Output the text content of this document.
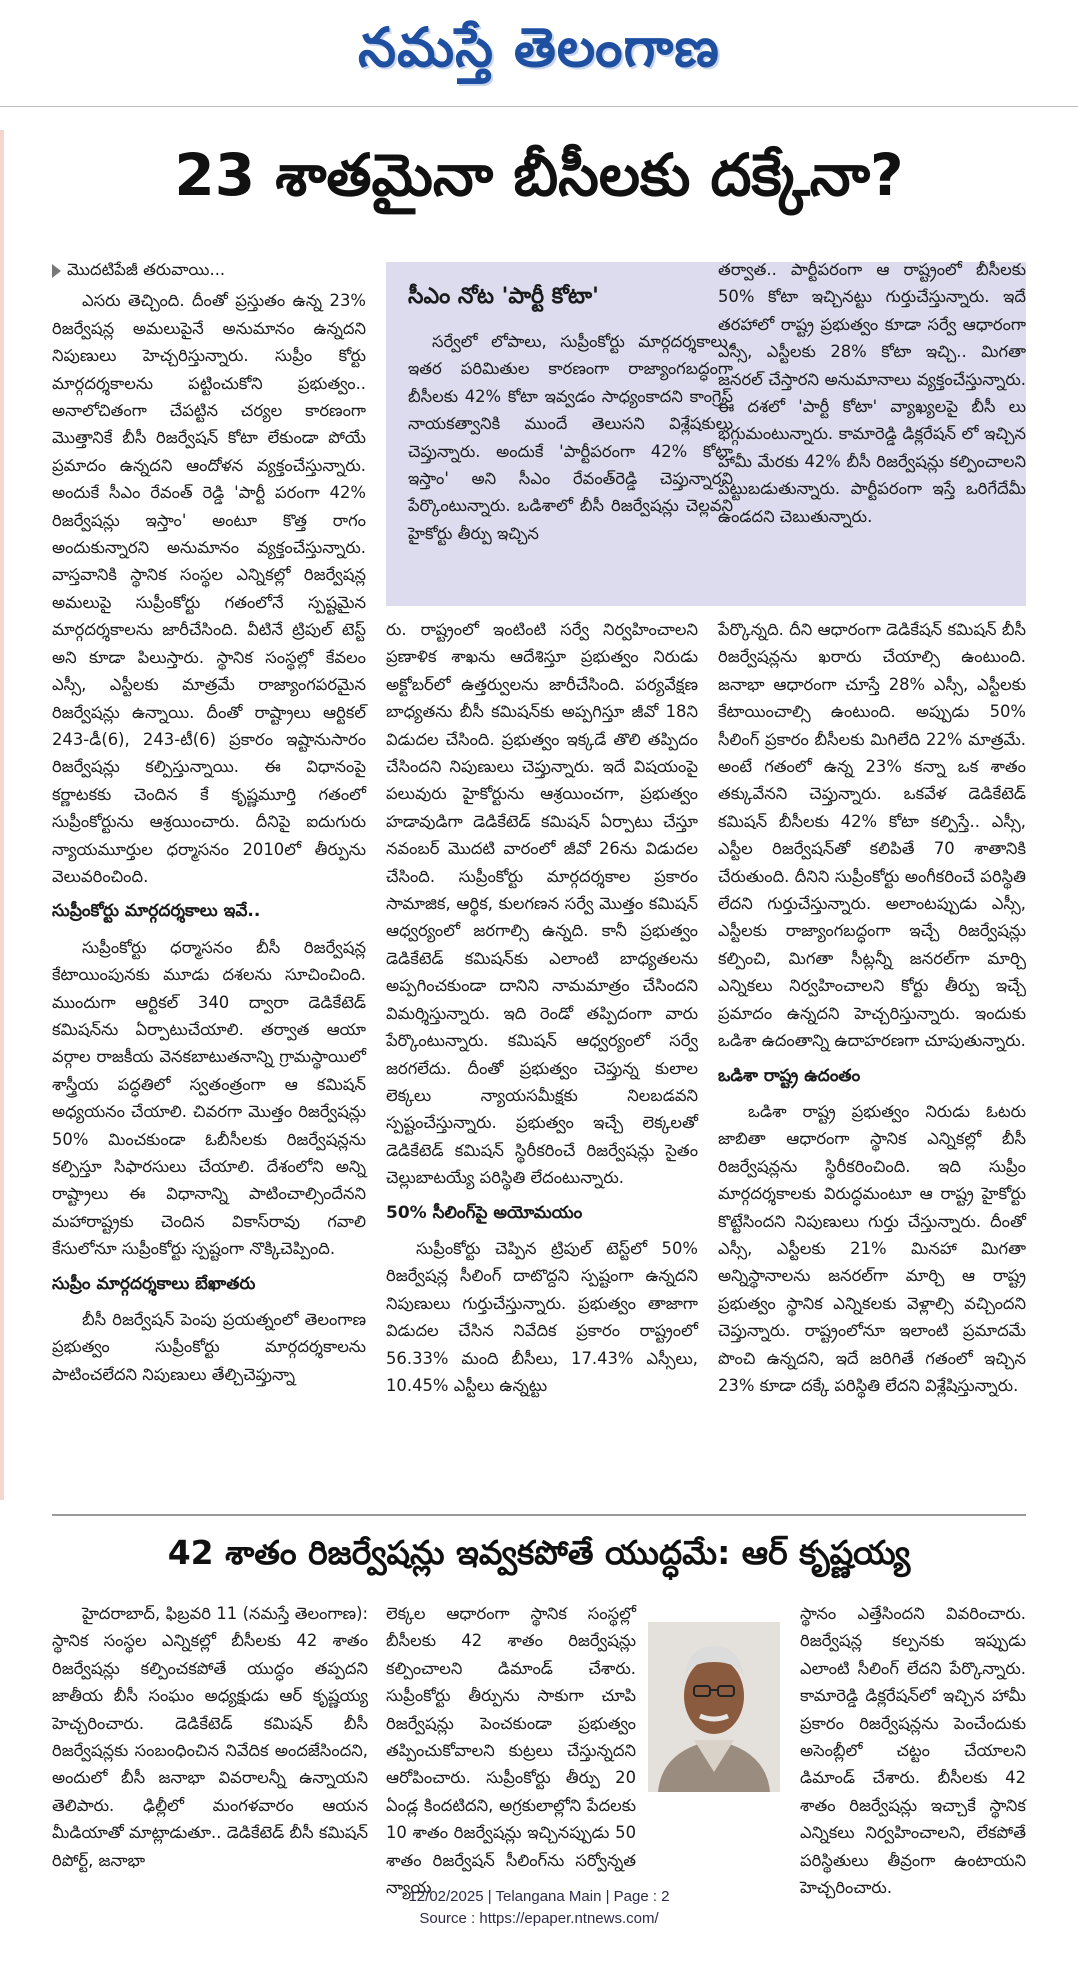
నమస్తే తెలంగాణ
23 శాతమైనా బీసీలకు దక్కేనా?
మొదటిపేజీ తరువాయి...

ఎసరు తెచ్చింది. దీంతో ప్రస్తుతం ఉన్న 23% రిజర్వేషన్ల అమలుపైనే అనుమానం ఉన్నదని నిపుణులు హెచ్చరిస్తున్నారు. సుప్రీం కోర్టు మార్గదర్శకాలను పట్టించుకోని ప్రభుత్వం.. అనాలోచితంగా చేపట్టిన చర్యల కారణంగా మొత్తానికే బీసీ రిజర్వేషన్ కోటా లేకుండా పోయే ప్రమాదం ఉన్నదని ఆందోళన వ్యక్తంచేస్తున్నారు. అందుకే సీఎం రేవంత్ రెడ్డి 'పార్టీ పరంగా 42% రిజర్వేషన్లు ఇస్తాం' అంటూ కొత్త రాగం అందుకున్నారని అనుమానం వ్యక్తంచేస్తున్నారు. వాస్తవానికి స్థానిక సంస్థల ఎన్నికల్లో రిజర్వేషన్ల అమలుపై సుప్రీంకోర్టు గతంలోనే స్పష్టమైన మార్గదర్శకాలను జారీచేసింది. వీటినే ట్రిపుల్ టెస్ట్ అని కూడా పిలుస్తారు. స్థానిక సంస్థల్లో కేవలం ఎస్సీ, ఎస్టీలకు మాత్రమే రాజ్యాంగపరమైన రిజర్వేషన్లు ఉన్నాయి. దీంతో రాష్ట్రాలు ఆర్టికల్ 243-డీ(6), 243-టీ(6) ప్రకారం ఇష్టానుసారం రిజర్వేషన్లు కల్పిస్తున్నాయి. ఈ విధానంపై కర్ణాటకకు చెందిన కే కృష్ణమూర్తి గతంలో సుప్రీంకోర్టును ఆశ్రయించారు. దీనిపై ఐదుగురు న్యాయమూర్తుల ధర్మాసనం 2010లో తీర్పును వెలువరించింది.

సుప్రీంకోర్టు మార్గదర్శకాలు ఇవే..

సుప్రీంకోర్టు ధర్మాసనం బీసీ రిజర్వేషన్ల కేటాయింపునకు మూడు దశలను సూచించింది. ముందుగా ఆర్టికల్ 340 ద్వారా డెడికేటెడ్ కమిషన్‌ను ఏర్పాటుచేయాలి. తర్వాత ఆయా వర్గాల రాజకీయ వెనకబాటుతనాన్ని గ్రామస్థాయిలో శాస్త్రీయ పద్ధతిలో స్వతంత్రంగా ఆ కమిషన్ అధ్యయనం చేయాలి. చివరగా మొత్తం రిజర్వేషన్లు 50% మించకుండా ఓబీసీలకు రిజర్వేషన్లను కల్పిస్తూ సిఫారసులు చేయాలి. దేశంలోని అన్ని రాష్ట్రాలు ఈ విధానాన్ని పాటించాల్సిందేనని మహారాష్ట్రకు చెందిన వికాస్‌రావు గవాలి కేసులోనూ సుప్రీంకోర్టు స్పష్టంగా నొక్కిచెప్పింది.

సుప్రీం మార్గదర్శకాలు బేఖాతరు

బీసీ రిజర్వేషన్ పెంపు ప్రయత్నంలో తెలంగాణ ప్రభుత్వం సుప్రీంకోర్టు మార్గదర్శకాలను పాటించలేదని నిపుణులు తేల్చిచెప్తున్నా

సీఎం నోట 'పార్టీ కోటా'

సర్వేలో లోపాలు, సుప్రీంకోర్టు మార్గదర్శకాలు, ఇతర పరిమితుల కారణంగా రాజ్యాంగబద్ధంగా బీసీలకు 42% కోటా ఇవ్వడం సాధ్యంకాదని కాంగ్రెస్ నాయకత్వానికి ముందే తెలుసని విశ్లేషకులు చెప్తున్నారు. అందుకే 'పార్టీపరంగా 42% కోటా ఇస్తాం' అని సీఎం రేవంత్‌రెడ్డి చెప్తున్నారని పేర్కొంటున్నారు. ఒడిశాలో బీసీ రిజర్వేషన్లు చెల్లవని హైకోర్టు తీర్పు ఇచ్చిన

తర్వాత.. పార్టీపరంగా ఆ రాష్ట్రంలో బీసీలకు 50% కోటా ఇచ్చినట్టు గుర్తుచేస్తున్నారు. ఇదే తరహాలో రాష్ట్ర ప్రభుత్వం కూడా సర్వే ఆధారంగా ఎస్సీ, ఎస్టీలకు 28% కోటా ఇచ్చి.. మిగతా జనరల్ చేస్తారని అనుమానాలు వ్యక్తంచేస్తున్నారు. ఈ దశలో 'పార్టీ కోటా' వ్యాఖ్యలపై బీసీ లు భగ్గుమంటున్నారు. కామారెడ్డి డిక్లరేషన్ లో ఇచ్చిన హామీ మేరకు 42% బీసీ రిజర్వేషన్లు కల్పించాలని పట్టుబడుతున్నారు. పార్టీపరంగా ఇస్తే ఒరిగేదేమీ ఉండదని చెబుతున్నారు.

రు. రాష్ట్రంలో ఇంటింటి సర్వే నిర్వహించాలని ప్రణాళిక శాఖను ఆదేశిస్తూ ప్రభుత్వం నిరుడు అక్టోబర్‌లో ఉత్తర్వులను జారీచేసింది. పర్యవేక్షణ బాధ్యతను బీసీ కమిషన్‌కు అప్పగిస్తూ జీవో 18ని విడుదల చేసింది. ప్రభుత్వం ఇక్కడే తొలి తప్పిదం చేసిందని నిపుణులు చెప్తున్నారు. ఇదే విషయంపై పలువురు హైకోర్టును ఆశ్రయించగా, ప్రభుత్వం హడావుడిగా డెడికేటెడ్ కమిషన్ ఏర్పాటు చేస్తూ నవంబర్ మొదటి వారంలో జీవో 26ను విడుదల చేసింది. సుప్రీంకోర్టు మార్గదర్శకాల ప్రకారం సామాజిక, ఆర్థిక, కులగణన సర్వే మొత్తం కమిషన్ ఆధ్వర్యంలో జరగాల్సి ఉన్నది. కానీ ప్రభుత్వం డెడికేటెడ్ కమిషన్‌కు ఎలాంటి బాధ్యతలను అప్పగించకుండా దానిని నామమాత్రం చేసిందని విమర్శిస్తున్నారు. ఇది రెండో తప్పిదంగా వారు పేర్కొంటున్నారు. కమిషన్ ఆధ్వర్యంలో సర్వే జరగలేదు. దీంతో ప్రభుత్వం చెప్తున్న కులాల లెక్కలు న్యాయసమీక్షకు నిలబడవని స్పష్టంచేస్తున్నారు. ప్రభుత్వం ఇచ్చే లెక్కలతో డెడికేటెడ్ కమిషన్ స్థిరీకరించే రిజర్వేషన్లు సైతం చెల్లుబాటయ్యే పరిస్థితి లేదంటున్నారు.

50% సీలింగ్‌పై అయోమయం

సుప్రీంకోర్టు చెప్పిన ట్రిపుల్ టెస్ట్‌లో 50% రిజర్వేషన్ల సీలింగ్ దాటొద్దని స్పష్టంగా ఉన్నదని నిపుణులు గుర్తుచేస్తున్నారు. ప్రభుత్వం తాజాగా విడుదల చేసిన నివేదిక ప్రకారం రాష్ట్రంలో 56.33% మంది బీసీలు, 17.43% ఎస్సీలు, 10.45% ఎస్టీలు ఉన్నట్టు

పేర్కొన్నది. దీని ఆధారంగా డెడికేషన్ కమిషన్ బీసీ రిజర్వేషన్లను ఖరారు చేయాల్సి ఉంటుంది. జనాభా ఆధారంగా చూస్తే 28% ఎస్సీ, ఎస్టీలకు కేటాయించాల్సి ఉంటుంది. అప్పుడు 50% సీలింగ్ ప్రకారం బీసీలకు మిగిలేది 22% మాత్రమే. అంటే గతంలో ఉన్న 23% కన్నా ఒక శాతం తక్కువేనని చెప్తున్నారు. ఒకవేళ డెడికేటెడ్ కమిషన్ బీసీలకు 42% కోటా కల్పిస్తే.. ఎస్సీ, ఎస్టీల రిజర్వేషన్‌తో కలిపితే 70 శాతానికి చేరుతుంది. దీనిని సుప్రీంకోర్టు అంగీకరించే పరిస్థితి లేదని గుర్తుచేస్తున్నారు. అలాంటప్పుడు ఎస్సీ, ఎస్టీలకు రాజ్యాంగబద్ధంగా ఇచ్చే రిజర్వేషన్లు కల్పించి, మిగతా సీట్లన్నీ జనరల్‌గా మార్చి ఎన్నికలు నిర్వహించాలని కోర్టు తీర్పు ఇచ్చే ప్రమాదం ఉన్నదని హెచ్చరిస్తున్నారు. ఇందుకు ఒడిశా ఉదంతాన్ని ఉదాహరణగా చూపుతున్నారు.

ఒడిశా రాష్ట్ర ఉదంతం

ఒడిశా రాష్ట్ర ప్రభుత్వం నిరుడు ఓటరు జాబితా ఆధారంగా స్థానిక ఎన్నికల్లో బీసీ రిజర్వేషన్లను స్థిరీకరించింది. ఇది సుప్రీం మార్గదర్శకాలకు విరుద్ధమంటూ ఆ రాష్ట్ర హైకోర్టు కొట్టేసిందని నిపుణులు గుర్తు చేస్తున్నారు. దీంతో ఎస్సీ, ఎస్టీలకు 21% మినహా మిగతా అన్నిస్థానాలను జనరల్‌గా మార్చి ఆ రాష్ట్ర ప్రభుత్వం స్థానిక ఎన్నికలకు వెళ్లాల్సి వచ్చిందని చెప్తున్నారు. రాష్ట్రంలోనూ ఇలాంటి ప్రమాదమే పొంచి ఉన్నదని, ఇదే జరిగితే గతంలో ఇచ్చిన 23% కూడా దక్కే పరిస్థితి లేదని విశ్లేషిస్తున్నారు.

42 శాతం రిజర్వేషన్లు ఇవ్వకపోతే యుద్ధమే: ఆర్ కృష్ణయ్య

హైదరాబాద్, ఫిబ్రవరి 11 (నమస్తే తెలంగాణ): స్థానిక సంస్థల ఎన్నికల్లో బీసీలకు 42 శాతం రిజర్వేషన్లు కల్పించకపోతే యుద్ధం తప్పదని జాతీయ బీసీ సంఘం అధ్యక్షుడు ఆర్ కృష్ణయ్య హెచ్చరించారు. డెడికేటెడ్ కమిషన్ బీసీ రిజర్వేషన్లకు సంబంధించిన నివేదిక అందజేసిందని, అందులో బీసీ జనాభా వివరాలన్నీ ఉన్నాయని తెలిపారు. ఢిల్లీలో మంగళవారం ఆయన మీడియాతో మాట్లాడుతూ.. డెడికేటెడ్ బీసీ కమిషన్ రిపోర్ట్, జనాభా

లెక్కల ఆధారంగా స్థానిక సంస్థల్లో బీసీలకు 42 శాతం రిజర్వేషన్లు కల్పించాలని డిమాండ్ చేశారు. సుప్రీంకోర్టు తీర్పును సాకుగా చూపి రిజర్వేషన్లు పెంచకుండా ప్రభుత్వం తప్పించుకోవాలని కుట్రలు చేస్తున్నదని ఆరోపించారు. సుప్రీంకోర్టు తీర్పు 20 ఏండ్ల కిందటిదని, అగ్రకులాల్లోని పేదలకు 10 శాతం రిజర్వేషన్లు ఇచ్చినప్పుడు 50 శాతం రిజర్వేషన్ సీలింగ్‌ను సర్వోన్నత న్యాయ

స్థానం ఎత్తేసిందని వివరించారు. రిజర్వేషన్ల కల్పనకు ఇప్పుడు ఎలాంటి సీలింగ్ లేదని పేర్కొన్నారు. కామారెడ్డి డిక్లరేషన్‌లో ఇచ్చిన హామీ ప్రకారం రిజర్వేషన్లను పెంచేందుకు అసెంబ్లీలో చట్టం చేయాలని డిమాండ్ చేశారు. బీసీలకు 42 శాతం రిజర్వేషన్లు ఇచ్చాకే స్థానిక ఎన్నికలు నిర్వహించాలని, లేకపోతే పరిస్థితులు తీవ్రంగా ఉంటాయని హెచ్చరించారు.

12/02/2025 | Telangana Main | Page : 2
Source : https://epaper.ntnews.com/
